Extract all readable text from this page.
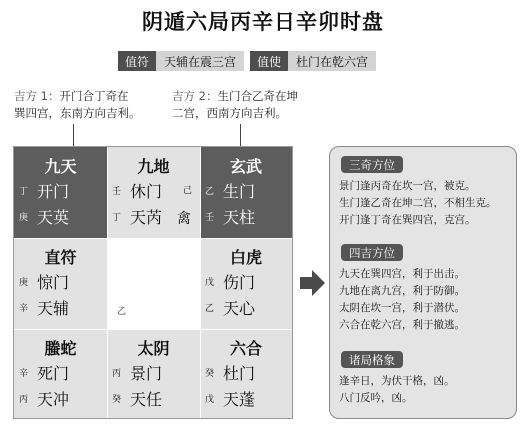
阴遁六局丙辛日辛卯时盘
值符	天辅在震三宫	值使	杜门在乾六宫
吉方 1：开门合丁奇在
巽四宫，东南方向吉利。
吉方 2：生门合乙奇在坤
二宫，西南方向吉利。
九天
丁 开门
庚 天英
九地
壬 休门 己
丁 天芮 禽
玄武
乙 生门
壬 天柱
直符
庚 惊门
辛 天辅	乙
白虎
戊 伤门
乙 天心
螣蛇
辛 死门
丙 天冲
太阴
丙 景门
癸 天任
六合
癸 杜门
戊 天蓬
三奇方位
景门逢丙奇在坎一宫，被克。
生门逢乙奇在坤二宫，不相生克。
开门逢丁奇在巽四宫，克宫。
四吉方位
九天在巽四宫，利于出击。
九地在离九宫，利于防御。
太阴在坎一宫，利于潜伏。
六合在乾六宫，利于撤逃。
诸局格象
逢辛日，为伏干格，凶。
八门反吟，凶。
